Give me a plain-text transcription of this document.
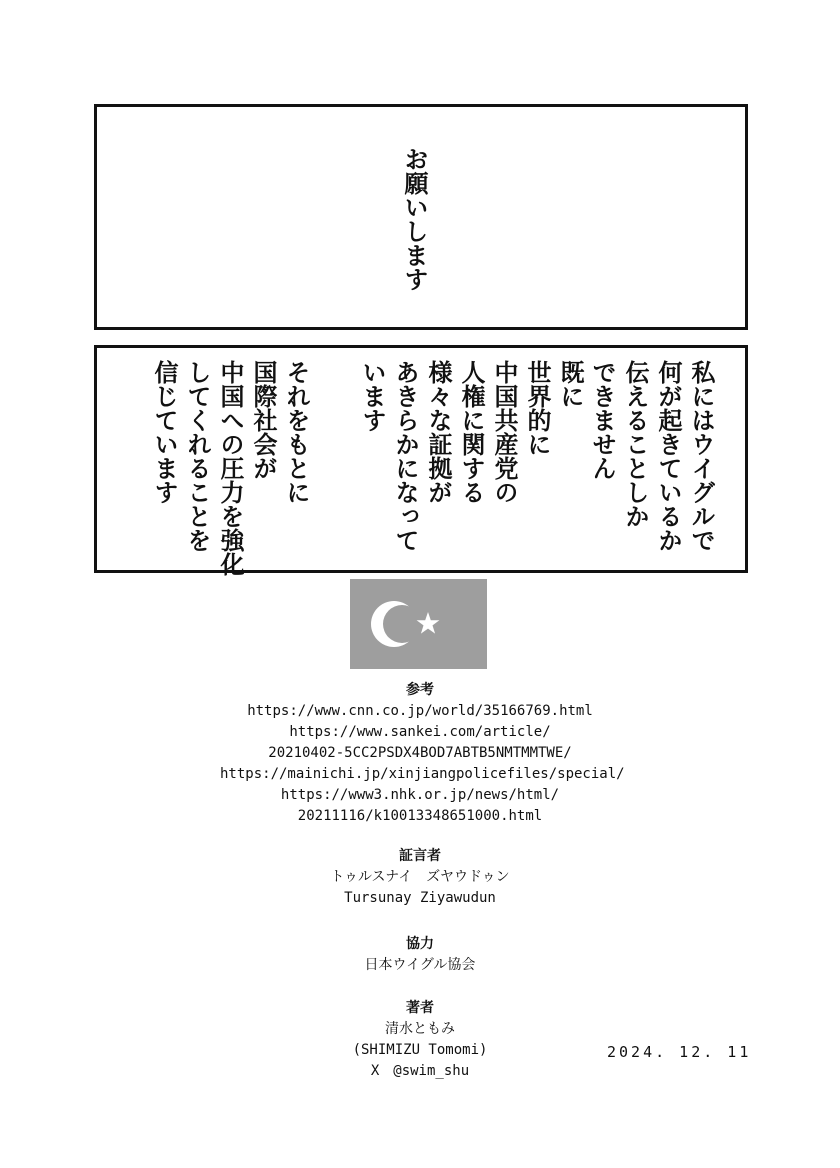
お願いします
私にはウイグルで
何が起きているか
伝えることしか
できません
既に
世界的に
中国共産党の
人権に関する
様々な証拠が
あきらかになって
います
それをもとに
国際社会が
中国への圧力を強化
してくれることを
信じています
参考
https://www.cnn.co.jp/world/35166769.html
https://www.sankei.com/article/
20210402-5CC2PSDX4BOD7ABTB5NMTMMTWE/
https://mainichi.jp/xinjiangpolicefiles/special/
https://www3.nhk.or.jp/news/html/
20211116/k10013348651000.html
証言者
トゥルスナイ　ズヤウドゥン
Tursunay Ziyawudun
協力
日本ウイグル協会
著者
清水ともみ
(SHIMIZU Tomomi)
X　@swim_shu
2024. 12. 11
